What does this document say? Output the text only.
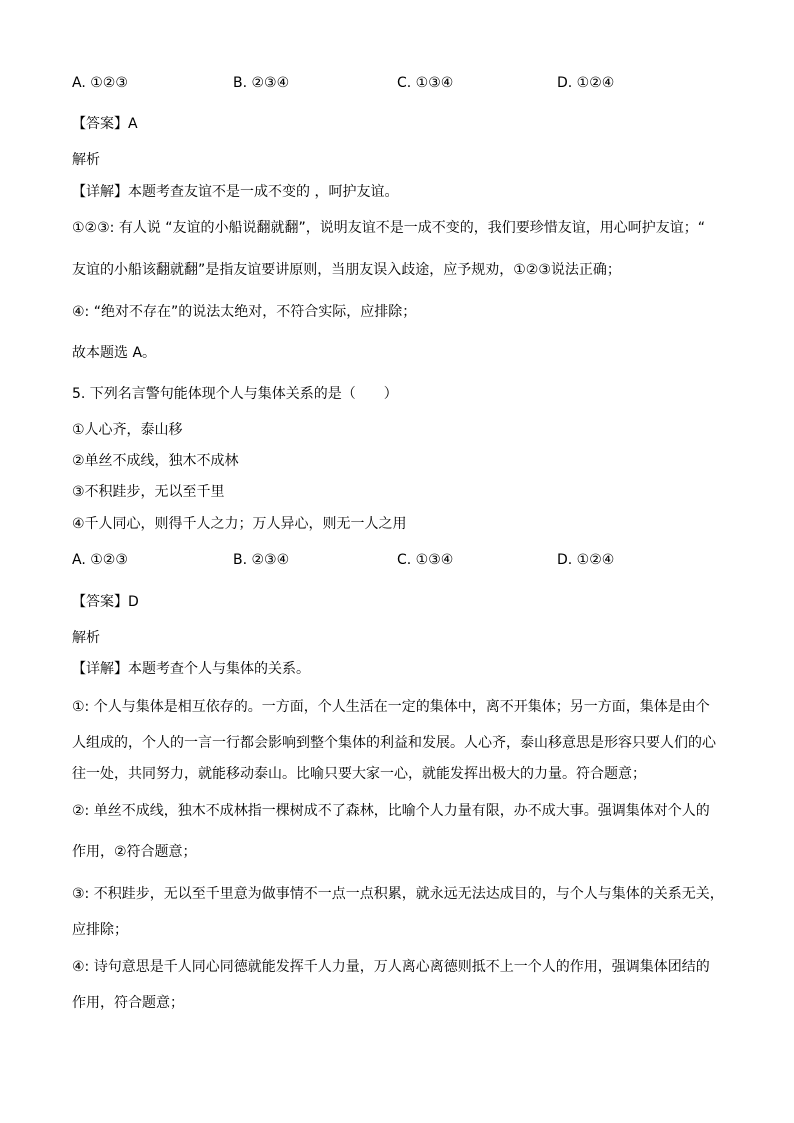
A. ①②③	B. ②③④	C. ①③④	D. ①②④
【答案】A
解析
【详解】本题考查友谊不是一成不变的 ，呵护友谊。
①②③: 有人说 “友谊的小船说翻就翻”，说明友谊不是一成不变的，我们要珍惜友谊，用心呵护友谊；“
友谊的小船该翻就翻”是指友谊要讲原则，当朋友误入歧途，应予规劝，①②③说法正确；
④: “绝对不存在”的说法太绝对，不符合实际，应排除；
故本题选 A。
5. 下列名言警句能体现个人与集体关系的是（　　）
①人心齐，泰山移
②单丝不成线，独木不成林
③不积跬步，无以至千里
④千人同心，则得千人之力；万人异心，则无一人之用
A. ①②③	B. ②③④	C. ①③④	D. ①②④
【答案】D
解析
【详解】本题考查个人与集体的关系。
①: 个人与集体是相互依存的。一方面，个人生活在一定的集体中，离不开集体；另一方面，集体是由个
人组成的，个人的一言一行都会影响到整个集体的利益和发展。人心齐，泰山移意思是形容只要人们的心
往一处，共同努力，就能移动泰山。比喻只要大家一心，就能发挥出极大的力量。符合题意；
②: 单丝不成线，独木不成林指一棵树成不了森林，比喻个人力量有限，办不成大事。强调集体对个人的
作用，②符合题意；
③: 不积跬步，无以至千里意为做事情不一点一点积累，就永远无法达成目的，与个人与集体的关系无关，
应排除；
④: 诗句意思是千人同心同德就能发挥千人力量，万人离心离德则抵不上一个人的作用，强调集体团结的
作用，符合题意；
